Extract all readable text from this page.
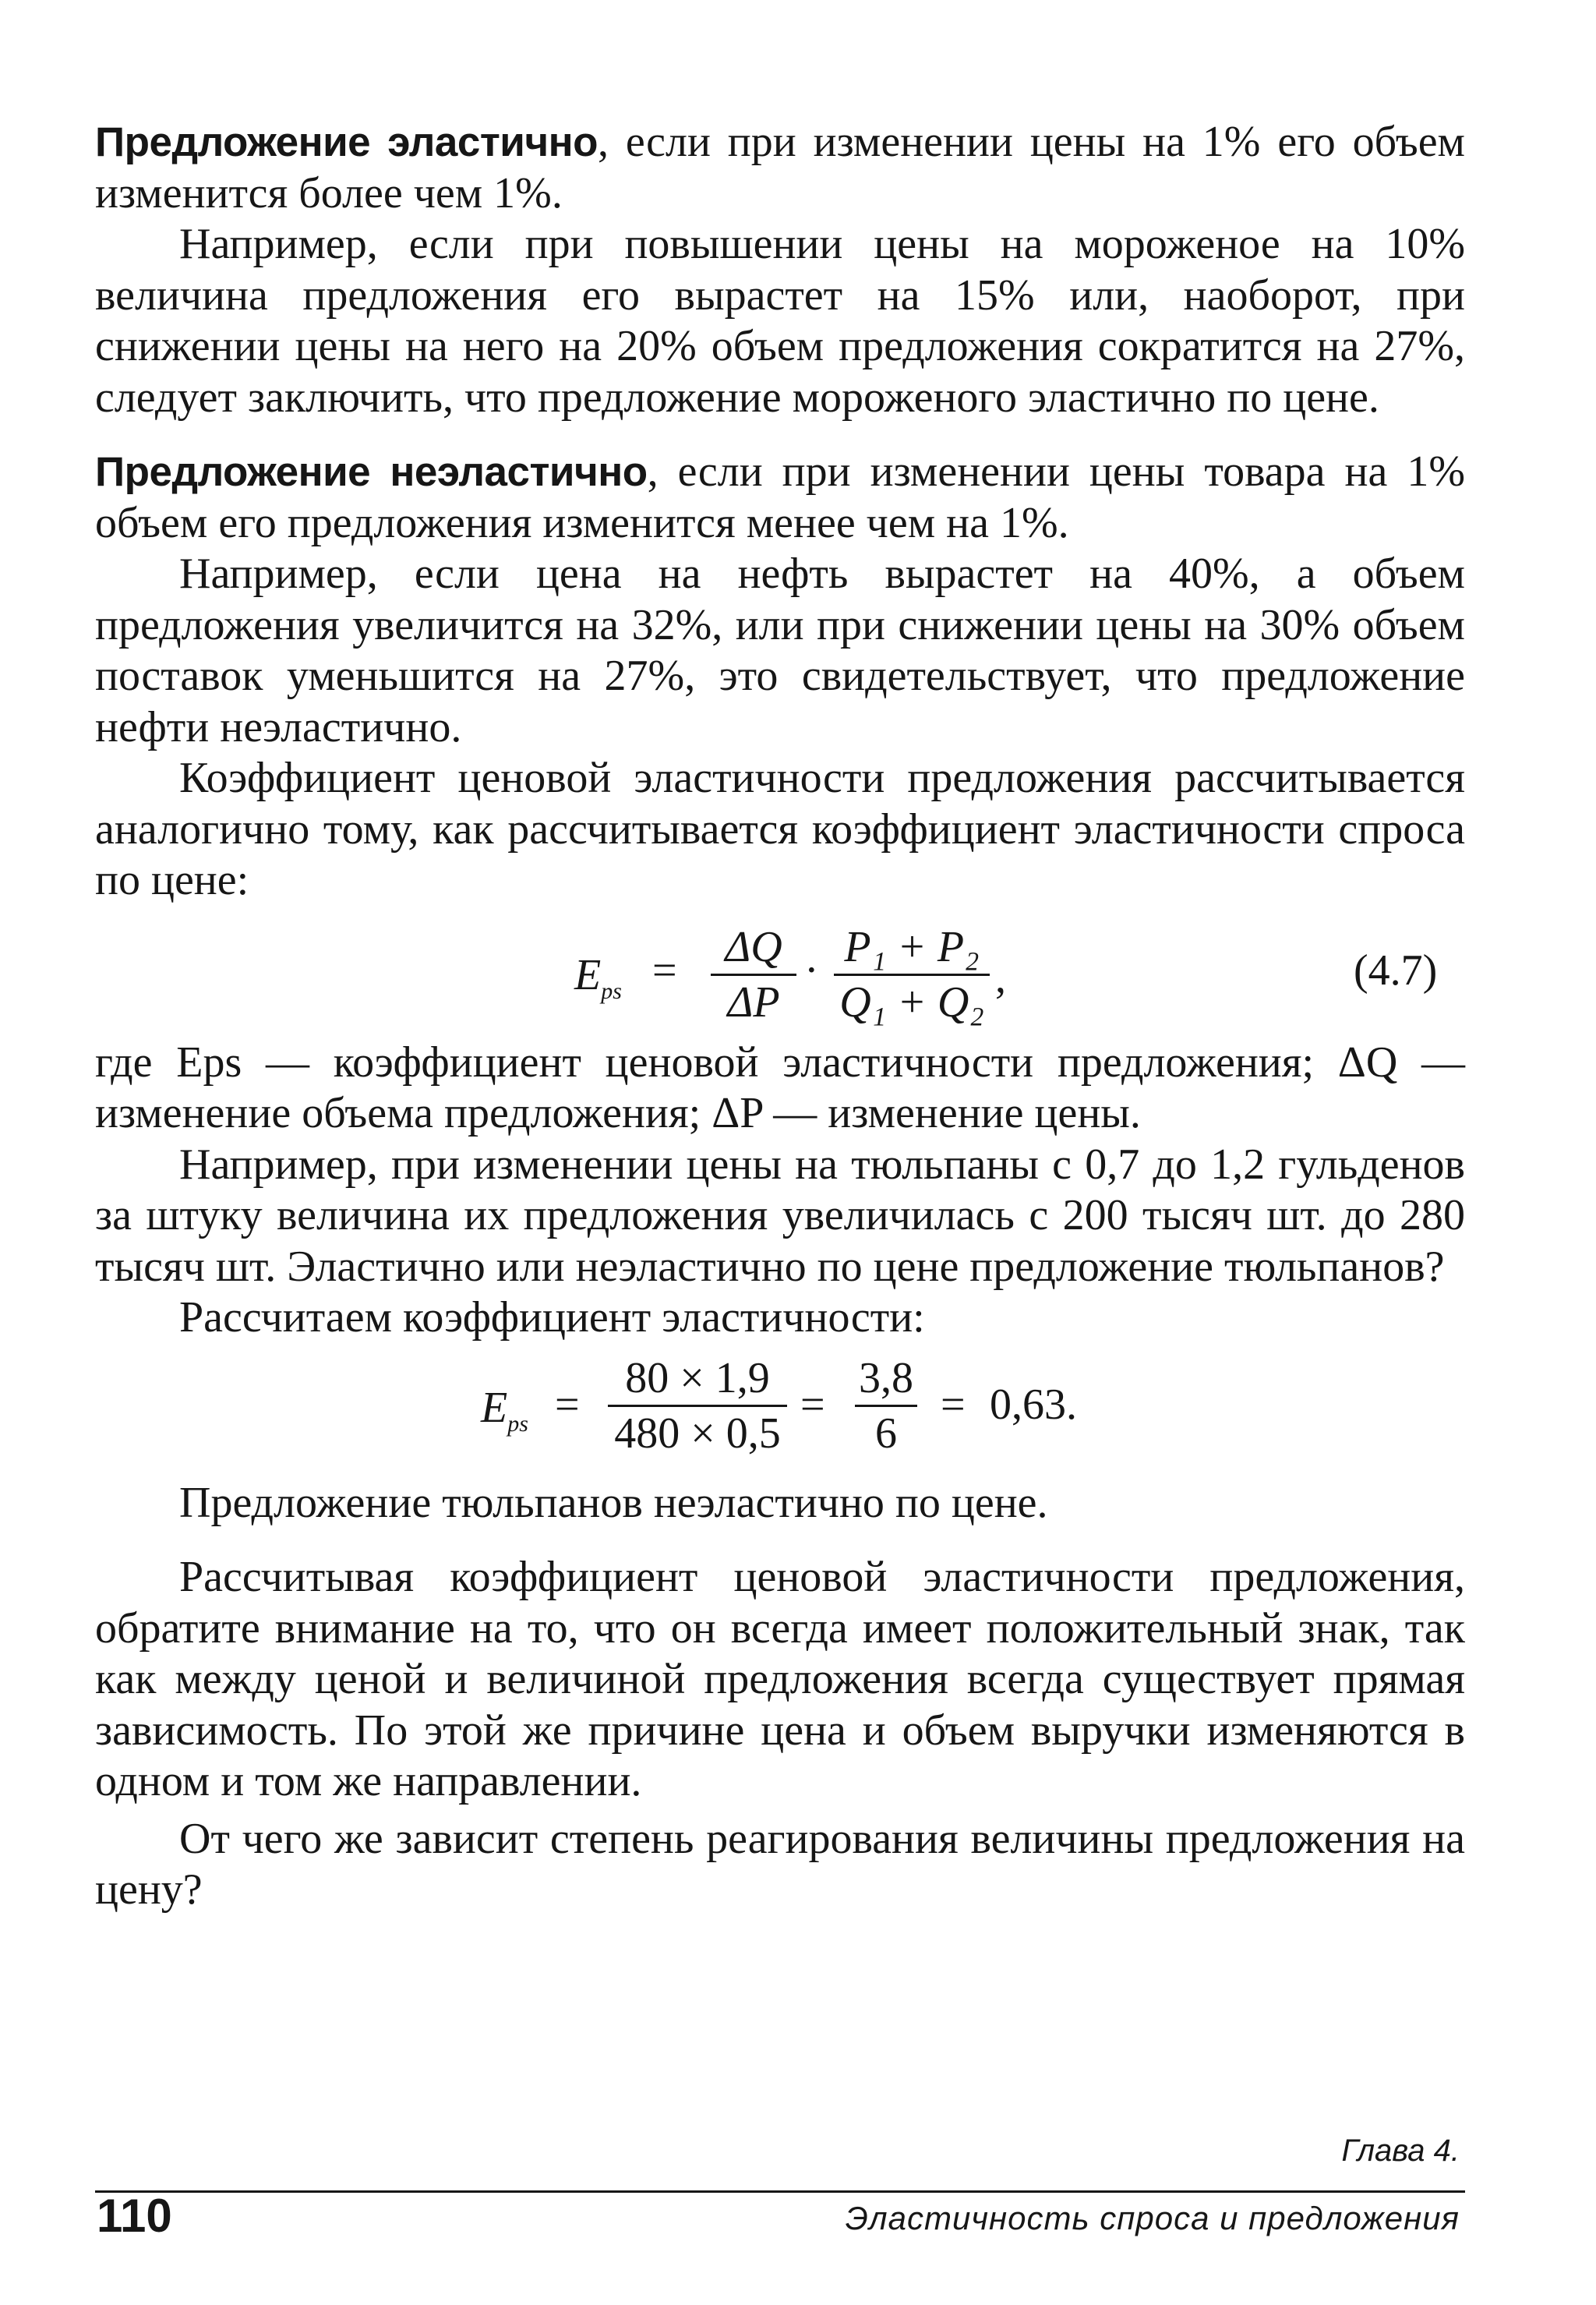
Предложение эластично, если при изменении цены на 1% его объем изменится более чем 1%.

Например, если при повышении цены на мороженое на 10% величина предложения его вырастет на 15% или, наоборот, при снижении цены на него на 20% объем предложения сократится на 27%, следует заключить, что предложение мороженого эластично по цене.

Предложение неэластично, если при изменении цены товара на 1% объем его предложения изменится менее чем на 1%.

Например, если цена на нефть вырастет на 40%, а объем предложения увеличится на 32%, или при снижении цены на 30% объем поставок уменьшится на 27%, это свидетельствует, что предложение нефти неэластично.

Коэффициент ценовой эластичности предложения рассчитывается аналогично тому, как рассчитывается коэффициент эластичности спроса по цене:

$E_{ps}$ =	ΔQ
ΔP
· P₁ + P₂
Q₁ + Q₂ ,	(4.7)

где Eps — коэффициент ценовой эластичности предложения; ΔQ — изменение объема предложения; ΔP — изменение цены.

Например, при изменении цены на тюльпаны с 0,7 до 1,2 гульденов за штуку величина их предложения увеличилась с 200 тысяч шт. до 280 тысяч шт. Эластично или неэластично по цене предложение тюльпанов?

Рассчитаем коэффициент эластичности:

$E_{ps}$ =
80 × 1,9
480 × 0,5
=
3,8
6
= 0,63.

Предложение тюльпанов неэластично по цене.

Рассчитывая коэффициент ценовой эластичности предложения, обратите внимание на то, что он всегда имеет положительный знак, так как между ценой и величиной предложения всегда существует прямая зависимость. По этой же причине цена и объем выручки изменяются в одном и том же направлении.

От чего же зависит степень реагирования величины предложения на цену?

Глава 4.
110	Эластичность спроса и предложения
